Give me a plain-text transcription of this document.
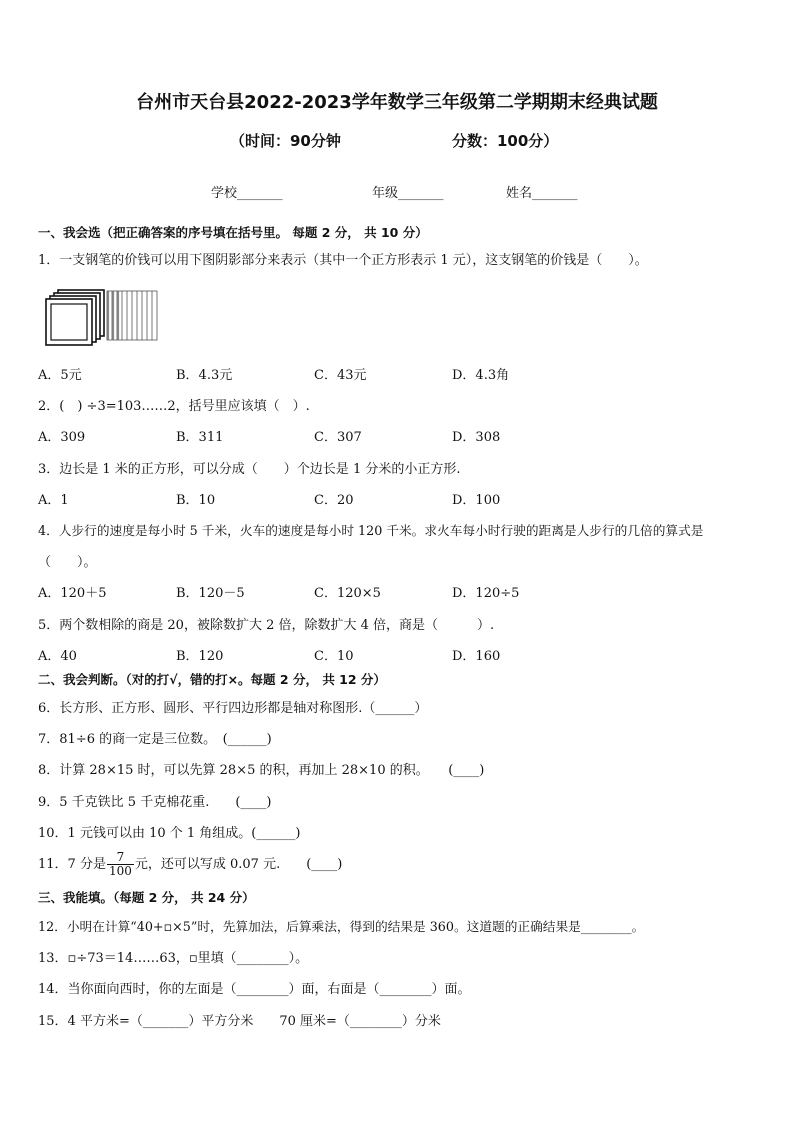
台州市天台县2022-2023学年数学三年级第二学期期末经典试题
（时间：90分钟	分数：100分）
学校_______	年级_______	姓名_______
一、我会选（把正确答案的序号填在括号里。 每题 2 分， 共 10 分）
1．一支钢笔的价钱可以用下图阴影部分来表示（其中一个正方形表示 1 元），这支钢笔的价钱是（　　）。
A．5元	B．4.3元	C．43元	D．4.3角
2．(　) ÷3=103……2，括号里应该填（　）.
A．309	B．311	C．307	D．308
3．边长是 1 米的正方形，可以分成（　　）个边长是 1 分米的小正方形.
A．1	B．10	C．20	D．100
4．人步行的速度是每小时 5 千米，火车的速度是每小时 120 千米。求火车每小时行驶的距离是人步行的几倍的算式是
（　　）。
A．120＋5	B．120－5	C．120×5	D．120÷5
5．两个数相除的商是 20，被除数扩大 2 倍，除数扩大 4 倍，商是（　　　）.
A．40	B．120	C．10	D．160
二、我会判断。（对的打√，错的打×。每题 2 分， 共 12 分）
6．长方形、正方形、圆形、平行四边形都是轴对称图形.（______）
7．81÷6 的商一定是三位数。　(______)
8．计算 28×15 时，可以先算 28×5 的积，再加上 28×10 的积。　　(____)
9．5 千克铁比 5 千克棉花重.　　(____)
10．1 元钱可以由 10 个 1 角组成。(______)
11．7 分是 $\frac{7}{100}$ 元，还可以写成 0.07 元.　　(____)
三、我能填。（每题 2 分， 共 24 分）
12．小明在计算“40+▫×5”时，先算加法，后算乘法，得到的结果是 360。这道题的正确结果是________。
13．▫÷73＝14……63，▫里填（________）。
14．当你面向西时，你的左面是（________）面，右面是（________）面。
15．4 平方米=（_______）平方分米　　70 厘米=（________）分米
